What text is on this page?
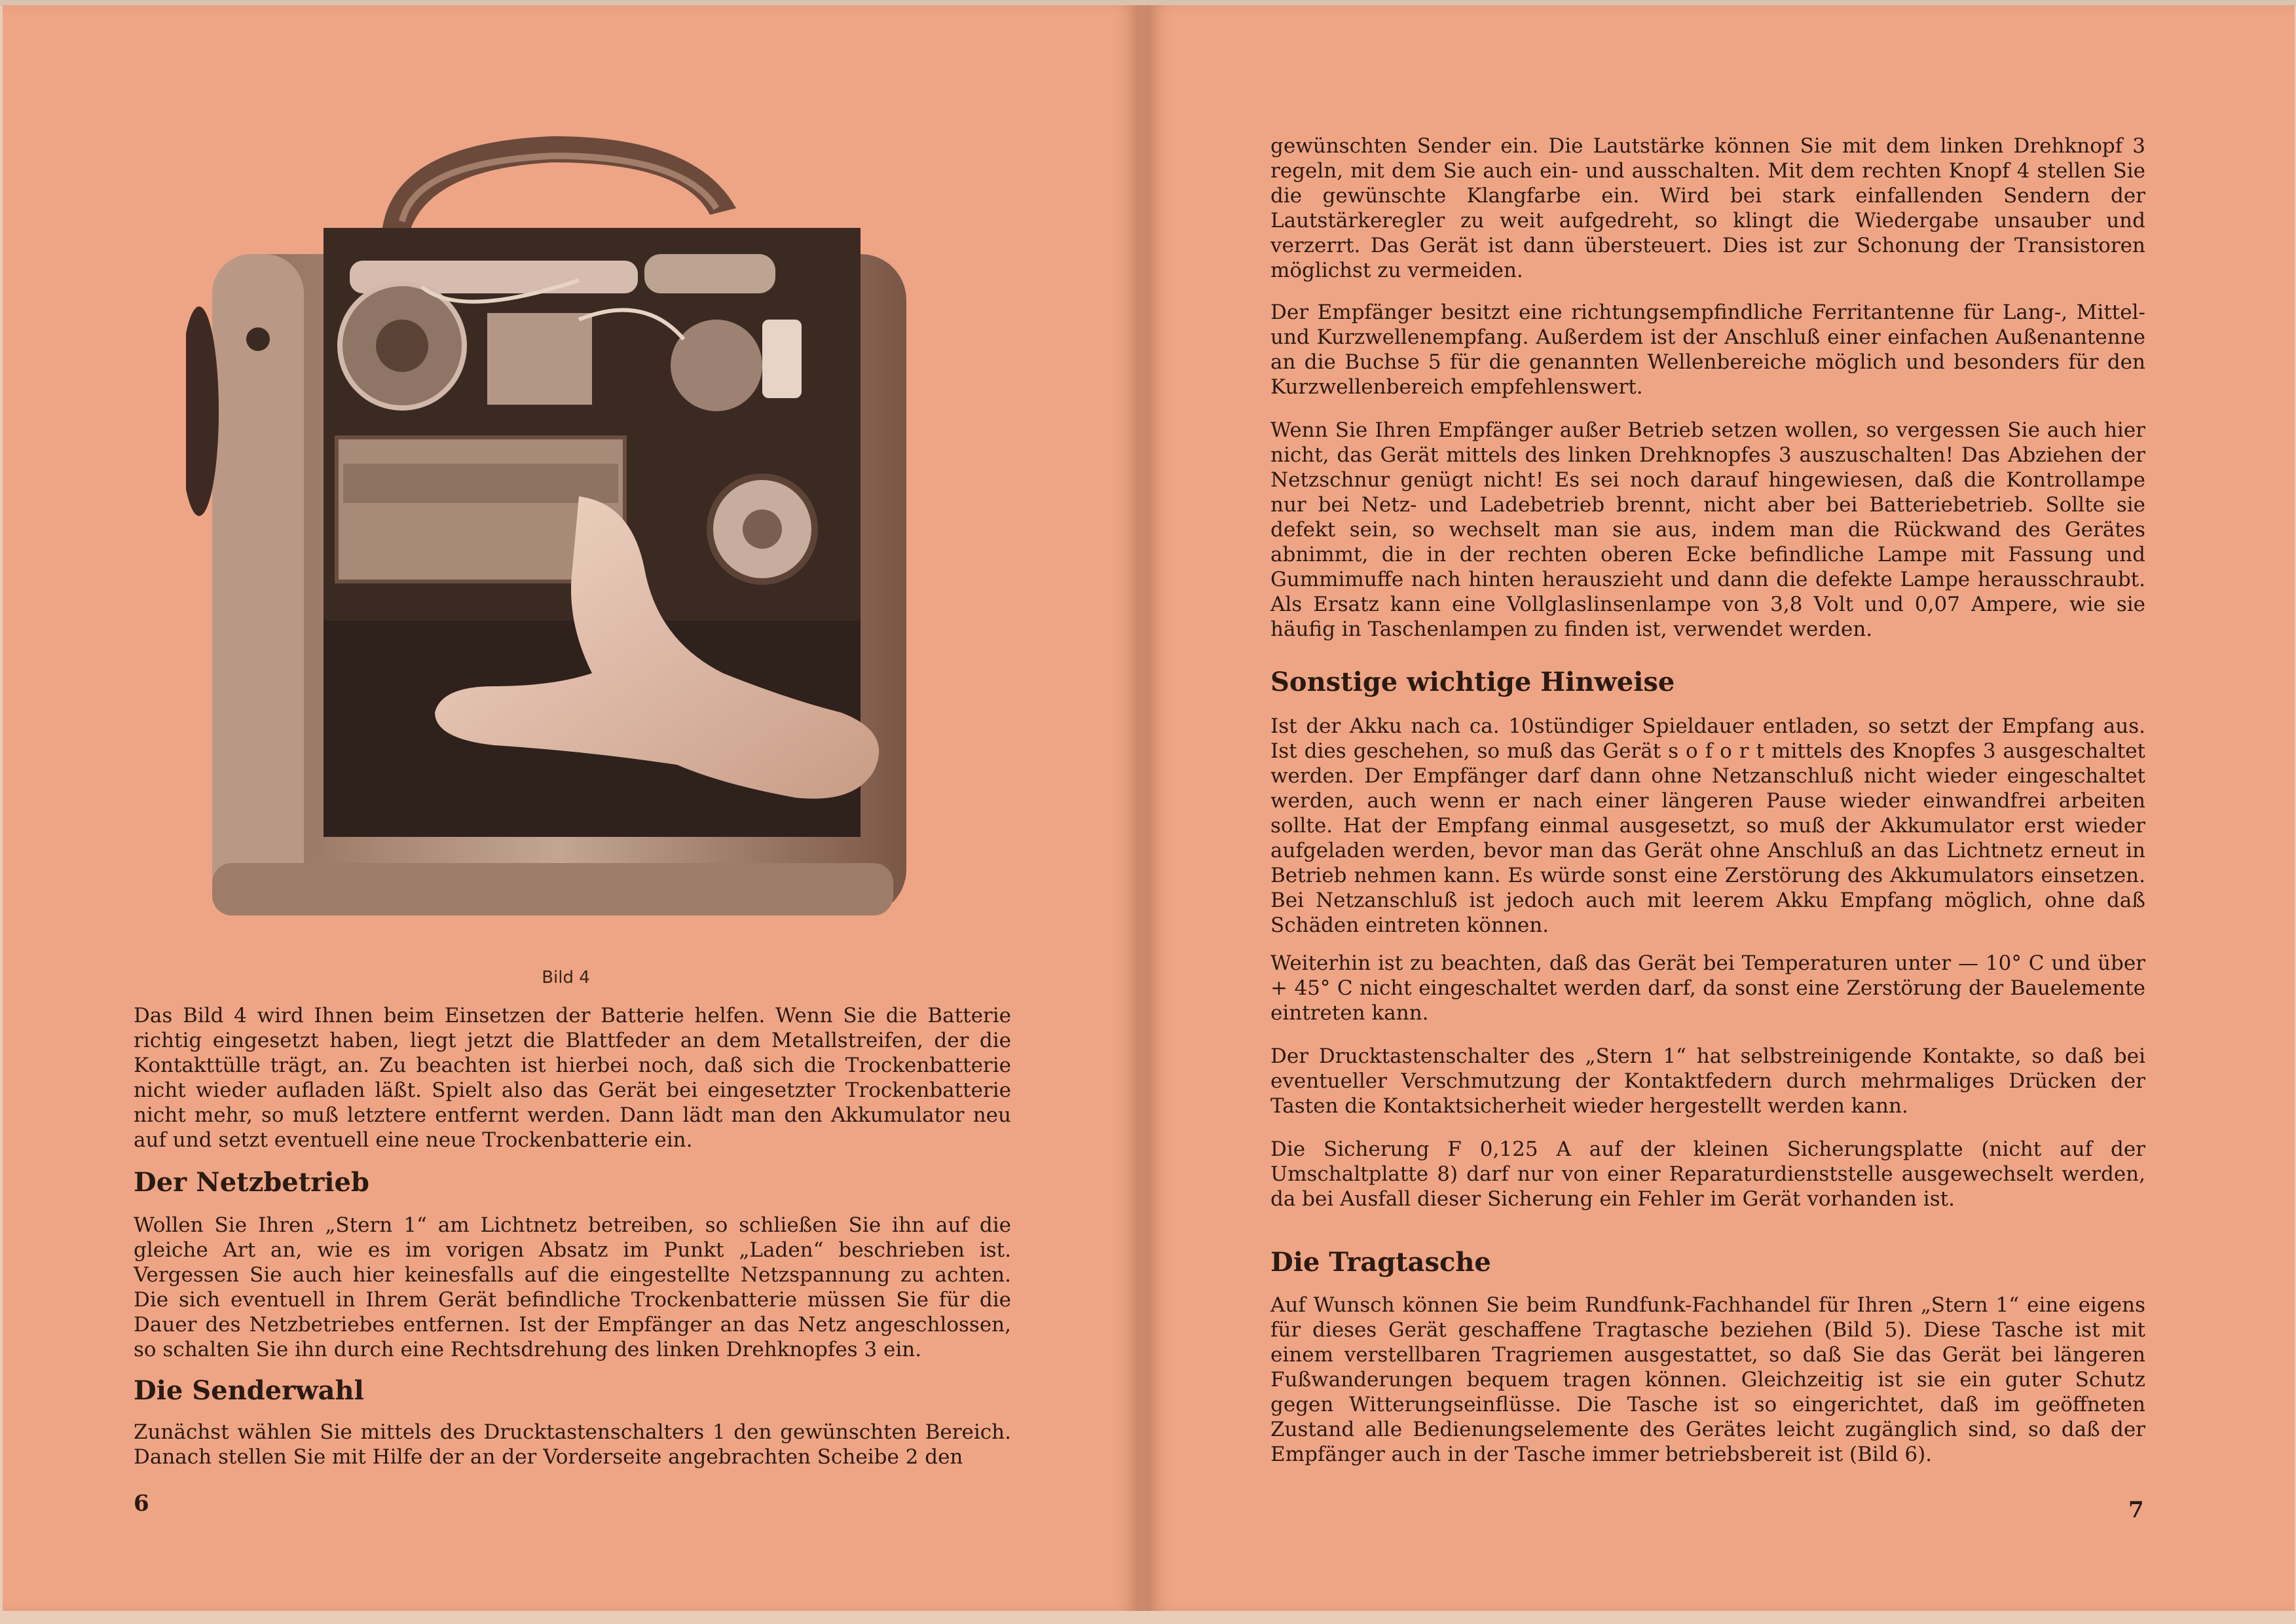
Bild 4
Das Bild 4 wird Ihnen beim Einsetzen der Batterie helfen. Wenn Sie die Batterie richtig eingesetzt haben, liegt jetzt die Blattfeder an dem Metallstreifen, der die Kontakttülle trägt, an. Zu beachten ist hierbei noch, daß sich die Trockenbatterie nicht wieder aufladen läßt. Spielt also das Gerät bei eingesetzter Trockenbatterie nicht mehr, so muß letztere entfernt werden. Dann lädt man den Akkumulator neu auf und setzt eventuell eine neue Trockenbatterie ein.
Der Netzbetrieb
Wollen Sie Ihren „Stern 1“ am Lichtnetz betreiben, so schließen Sie ihn auf die gleiche Art an, wie es im vorigen Absatz im Punkt „Laden“ beschrieben ist. Vergessen Sie auch hier keinesfalls auf die eingestellte Netzspannung zu achten. Die sich eventuell in Ihrem Gerät befindliche Trockenbatterie müssen Sie für die Dauer des Netzbetriebes entfernen. Ist der Empfänger an das Netz angeschlossen, so schalten Sie ihn durch eine Rechtsdrehung des linken Drehknopfes 3 ein.
Die Senderwahl
Zunächst wählen Sie mittels des Drucktastenschalters 1 den gewünschten Bereich. Danach stellen Sie mit Hilfe der an der Vorderseite angebrachten Scheibe 2 den
6
gewünschten Sender ein. Die Lautstärke können Sie mit dem linken Drehknopf 3 regeln, mit dem Sie auch ein- und ausschalten. Mit dem rechten Knopf 4 stellen Sie die gewünschte Klangfarbe ein. Wird bei stark einfallenden Sendern der Lautstärkeregler zu weit aufgedreht, so klingt die Wiedergabe unsauber und verzerrt. Das Gerät ist dann übersteuert. Dies ist zur Schonung der Transistoren möglichst zu vermeiden.
Der Empfänger besitzt eine richtungsempfindliche Ferritantenne für Lang-, Mittel- und Kurzwellenempfang. Außerdem ist der Anschluß einer einfachen Außenantenne an die Buchse 5 für die genannten Wellenbereiche möglich und besonders für den Kurzwellenbereich empfehlenswert.
Wenn Sie Ihren Empfänger außer Betrieb setzen wollen, so vergessen Sie auch hier nicht, das Gerät mittels des linken Drehknopfes 3 auszuschalten! Das Abziehen der Netzschnur genügt nicht! Es sei noch darauf hingewiesen, daß die Kontrollampe nur bei Netz- und Ladebetrieb brennt, nicht aber bei Batteriebetrieb. Sollte sie defekt sein, so wechselt man sie aus, indem man die Rückwand des Gerätes abnimmt, die in der rechten oberen Ecke befindliche Lampe mit Fassung und Gummimuffe nach hinten herauszieht und dann die defekte Lampe herausschraubt. Als Ersatz kann eine Vollglaslinsenlampe von 3,8 Volt und 0,07 Ampere, wie sie häufig in Taschenlampen zu finden ist, verwendet werden.
Sonstige wichtige Hinweise
Ist der Akku nach ca. 10stündiger Spieldauer entladen, so setzt der Empfang aus. Ist dies geschehen, so muß das Gerät s o f o r t mittels des Knopfes 3 ausgeschaltet werden. Der Empfänger darf dann ohne Netzanschluß nicht wieder eingeschaltet werden, auch wenn er nach einer längeren Pause wieder einwandfrei arbeiten sollte. Hat der Empfang einmal ausgesetzt, so muß der Akkumulator erst wieder aufgeladen werden, bevor man das Gerät ohne Anschluß an das Lichtnetz erneut in Betrieb nehmen kann. Es würde sonst eine Zerstörung des Akkumulators einsetzen. Bei Netzanschluß ist jedoch auch mit leerem Akku Empfang möglich, ohne daß Schäden eintreten können.
Weiterhin ist zu beachten, daß das Gerät bei Temperaturen unter — 10° C und über + 45° C nicht eingeschaltet werden darf, da sonst eine Zerstörung der Bauelemente eintreten kann.
Der Drucktastenschalter des „Stern 1“ hat selbstreinigende Kontakte, so daß bei eventueller Verschmutzung der Kontaktfedern durch mehrmaliges Drücken der Tasten die Kontaktsicherheit wieder hergestellt werden kann.
Die Sicherung F 0,125 A auf der kleinen Sicherungsplatte (nicht auf der Umschaltplatte 8) darf nur von einer Reparaturdienststelle ausgewechselt werden, da bei Ausfall dieser Sicherung ein Fehler im Gerät vorhanden ist.
Die Tragtasche
Auf Wunsch können Sie beim Rundfunk-Fachhandel für Ihren „Stern 1“ eine eigens für dieses Gerät geschaffene Tragtasche beziehen (Bild 5). Diese Tasche ist mit einem verstellbaren Tragriemen ausgestattet, so daß Sie das Gerät bei längeren Fußwanderungen bequem tragen können. Gleichzeitig ist sie ein guter Schutz gegen Witterungseinflüsse. Die Tasche ist so eingerichtet, daß im geöffneten Zustand alle Bedienungselemente des Gerätes leicht zugänglich sind, so daß der Empfänger auch in der Tasche immer betriebsbereit ist (Bild 6).
7
